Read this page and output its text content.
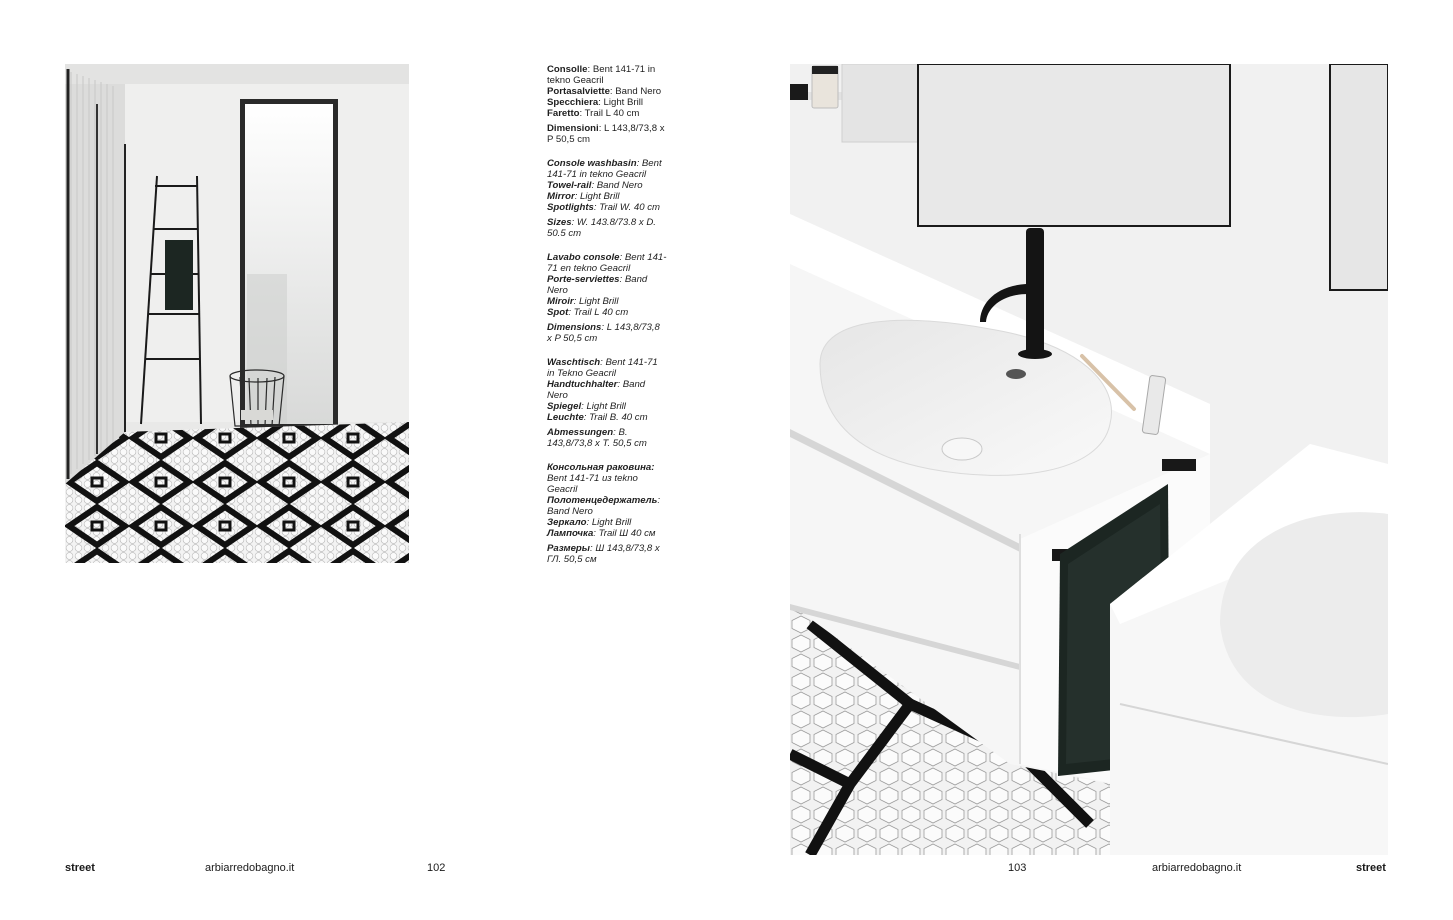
Consolle: Bent 141-71 in tekno Geacril
Portasalviette: Band Nero
Specchiera: Light Brill
Faretto: Trail L 40 cm
Dimensioni: L 143,8/73,8 x P 50,5 cm
Console washbasin: Bent 141-71 in tekno Geacril
Towel-rail: Band Nero
Mirror: Light Brill
Spotlights: Trail W. 40 cm
Sizes: W. 143.8/73.8 x D. 50.5 cm
Lavabo console: Bent 141-71 en tekno Geacril
Porte-serviettes: Band Nero
Miroir: Light Brill
Spot: Trail L 40 cm
Dimensions: L 143,8/73,8 x P 50,5 cm
Waschtisch: Bent 141-71 in Tekno Geacril
Handtuchhalter: Band Nero
Spiegel: Light Brill
Leuchte: Trail B. 40 cm
Abmessungen: B. 143,8/73,8 x T. 50,5 cm
Консольная раковина: Bent 141-71 из tekno Geacril
Полотенцедержатель: Band Nero
Зеркало: Light Brill
Лампочка: Trail Ш 40 см
Размеры: Ш 143,8/73,8 x ГЛ. 50,5 см
street	arbiarredobagno.it	102	103	arbiarredobagno.it	street
